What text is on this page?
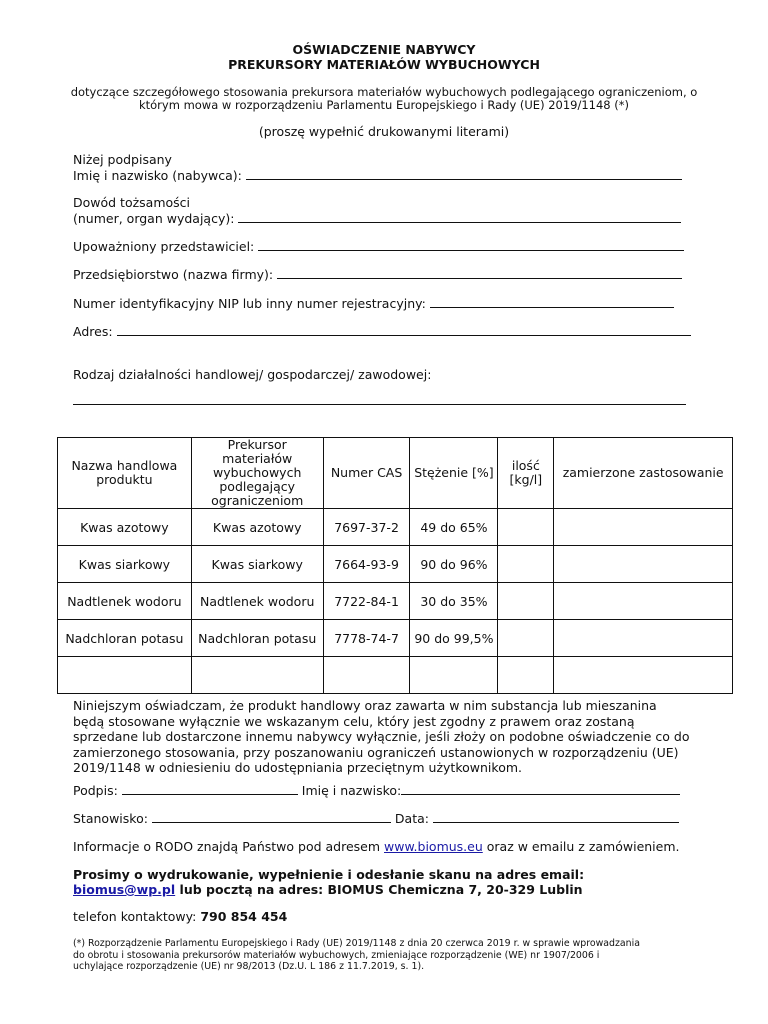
OŚWIADCZENIE NABYWCY
PREKURSORY MATERIAŁÓW WYBUCHOWYCH
dotyczące szczegółowego stosowania prekursora materiałów wybuchowych podlegającego ograniczeniom, o
którym mowa w rozporządzeniu Parlamentu Europejskiego i Rady (UE) 2019/1148 (*)
(proszę wypełnić drukowanymi literami)
Niżej podpisany
Imię i nazwisko (nabywca):
Dowód tożsamości
(numer, organ wydający):
Upoważniony przedstawiciel:
Przedsiębiorstwo (nazwa firmy):
Numer identyfikacyjny NIP lub inny numer rejestracyjny:
Adres:
Rodzaj działalności handlowej/ gospodarczej/ zawodowej:
Nazwa handlowa produktu	Prekursor materiałów wybuchowych podlegający ograniczeniom	Numer CAS	Stężenie [%]	ilość [kg/l]	zamierzone zastosowanie
Kwas azotowy	Kwas azotowy	7697-37-2	49 do 65%		
Kwas siarkowy	Kwas siarkowy	7664-93-9	90 do 96%		
Nadtlenek wodoru	Nadtlenek wodoru	7722-84-1	30 do 35%		
Nadchloran potasu	Nadchloran potasu	7778-74-7	90 do 99,5%		

Niniejszym oświadczam, że produkt handlowy oraz zawarta w nim substancja lub mieszanina
będą stosowane wyłącznie we wskazanym celu, który jest zgodny z prawem oraz zostaną
sprzedane lub dostarczone innemu nabywcy wyłącznie, jeśli złoży on podobne oświadczenie co do
zamierzonego stosowania, przy poszanowaniu ograniczeń ustanowionych w rozporządzeniu (UE)
2019/1148 w odniesieniu do udostępniania przeciętnym użytkownikom.
Podpis:	Imię i nazwisko:
Stanowisko:	Data:
Informacje o RODO znajdą Państwo pod adresem www.biomus.eu oraz w emailu z zamówieniem.
Prosimy o wydrukowanie, wypełnienie i odesłanie skanu na adres email:
biomus@wp.pl lub pocztą na adres: BIOMUS Chemiczna 7, 20-329 Lublin
telefon kontaktowy: 790 854 454
(*) Rozporządzenie Parlamentu Europejskiego i Rady (UE) 2019/1148 z dnia 20 czerwca 2019 r. w sprawie wprowadzania
do obrotu i stosowania prekursorów materiałów wybuchowych, zmieniające rozporządzenie (WE) nr 1907/2006 i
uchylające rozporządzenie (UE) nr 98/2013 (Dz.U. L 186 z 11.7.2019, s. 1).
